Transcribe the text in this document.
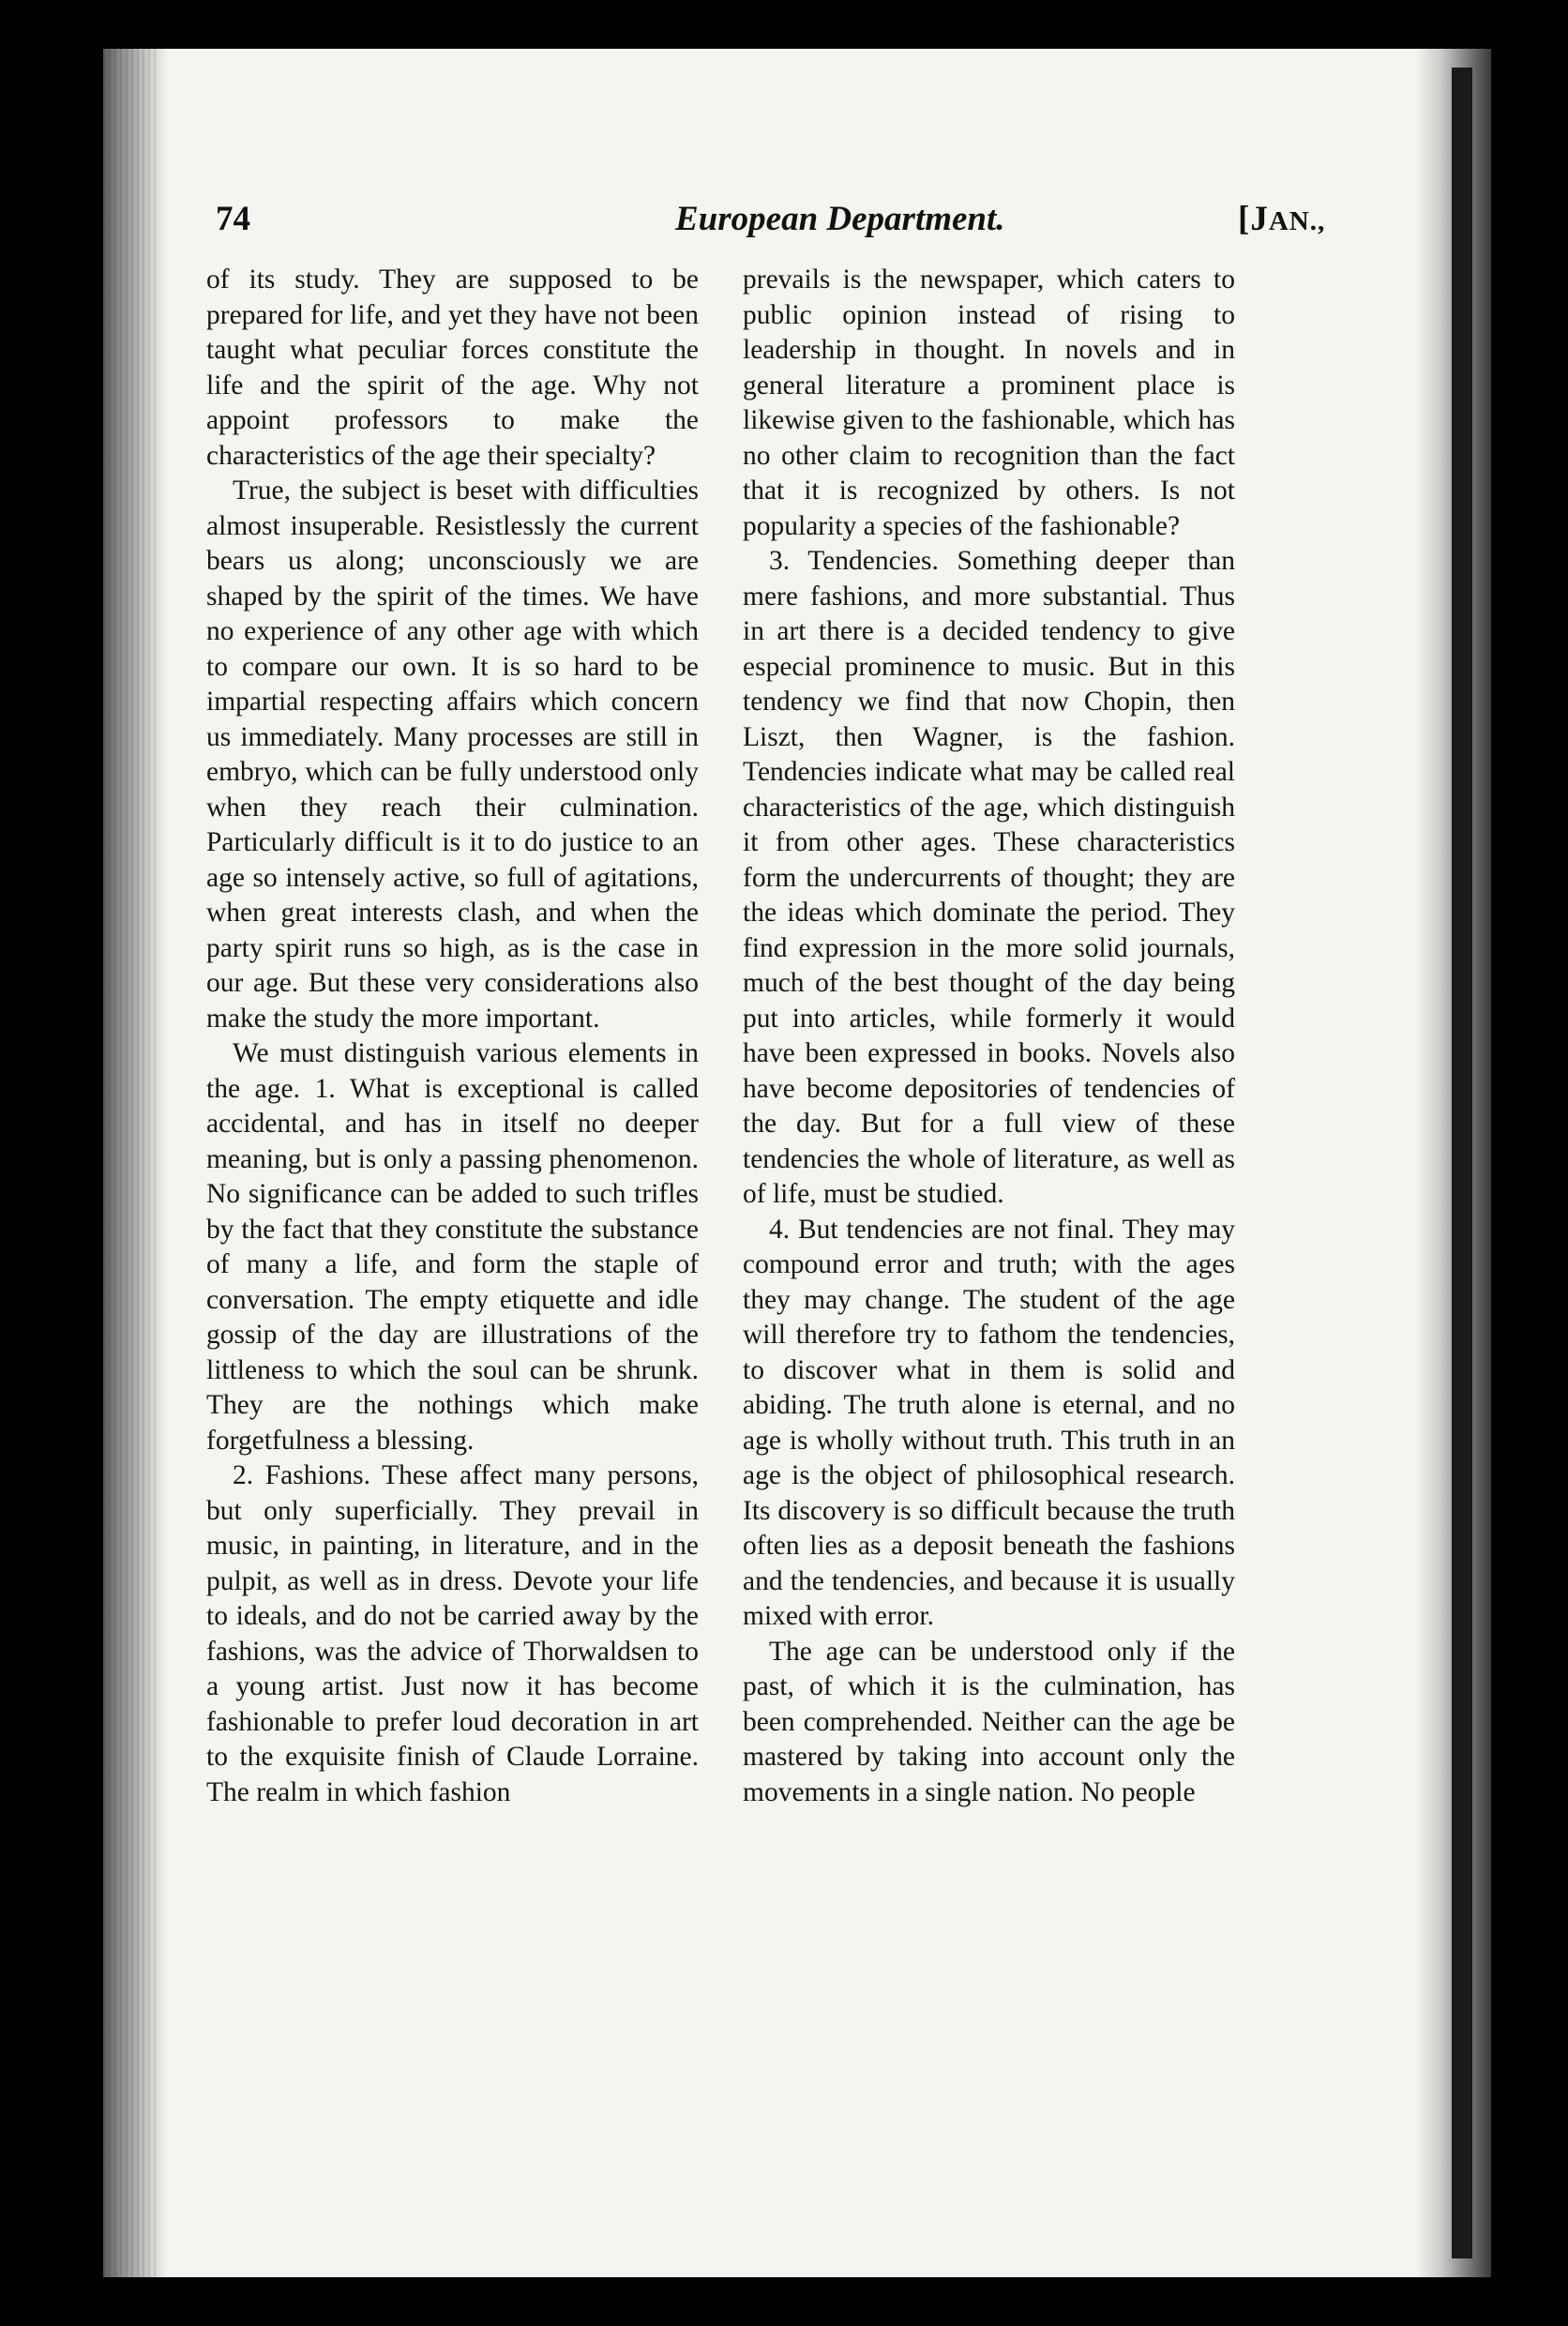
74	European Department.	[JAN.,

of its study. They are supposed to be prepared for life, and yet they have not been taught what peculiar forces constitute the life and the spirit of the age. Why not appoint professors to make the characteristics of the age their specialty?

True, the subject is beset with difficulties almost insuperable. Resistlessly the current bears us along; unconsciously we are shaped by the spirit of the times. We have no experience of any other age with which to compare our own. It is so hard to be impartial respecting affairs which concern us immediately. Many processes are still in embryo, which can be fully understood only when they reach their culmination. Particularly difficult is it to do justice to an age so intensely active, so full of agitations, when great interests clash, and when the party spirit runs so high, as is the case in our age. But these very considerations also make the study the more important.

We must distinguish various elements in the age. 1. What is exceptional is called accidental, and has in itself no deeper meaning, but is only a passing phenomenon. No significance can be added to such trifles by the fact that they constitute the substance of many a life, and form the staple of conversation. The empty etiquette and idle gossip of the day are illustrations of the littleness to which the soul can be shrunk. They are the nothings which make forgetfulness a blessing.

2. Fashions. These affect many persons, but only superficially. They prevail in music, in painting, in literature, and in the pulpit, as well as in dress. Devote your life to ideals, and do not be carried away by the fashions, was the advice of Thorwaldsen to a young artist. Just now it has become fashionable to prefer loud decoration in art to the exquisite finish of Claude Lorraine. The realm in which fashion

prevails is the newspaper, which caters to public opinion instead of rising to leadership in thought. In novels and in general literature a prominent place is likewise given to the fashionable, which has no other claim to recognition than the fact that it is recognized by others. Is not popularity a species of the fashionable?

3. Tendencies. Something deeper than mere fashions, and more substantial. Thus in art there is a decided tendency to give especial prominence to music. But in this tendency we find that now Chopin, then Liszt, then Wagner, is the fashion. Tendencies indicate what may be called real characteristics of the age, which distinguish it from other ages. These characteristics form the undercurrents of thought; they are the ideas which dominate the period. They find expression in the more solid journals, much of the best thought of the day being put into articles, while formerly it would have been expressed in books. Novels also have become depositories of tendencies of the day. But for a full view of these tendencies the whole of literature, as well as of life, must be studied.

4. But tendencies are not final. They may compound error and truth; with the ages they may change. The student of the age will therefore try to fathom the tendencies, to discover what in them is solid and abiding. The truth alone is eternal, and no age is wholly without truth. This truth in an age is the object of philosophical research. Its discovery is so difficult because the truth often lies as a deposit beneath the fashions and the tendencies, and because it is usually mixed with error.

The age can be understood only if the past, of which it is the culmination, has been comprehended. Neither can the age be mastered by taking into account only the movements in a single nation. No people
